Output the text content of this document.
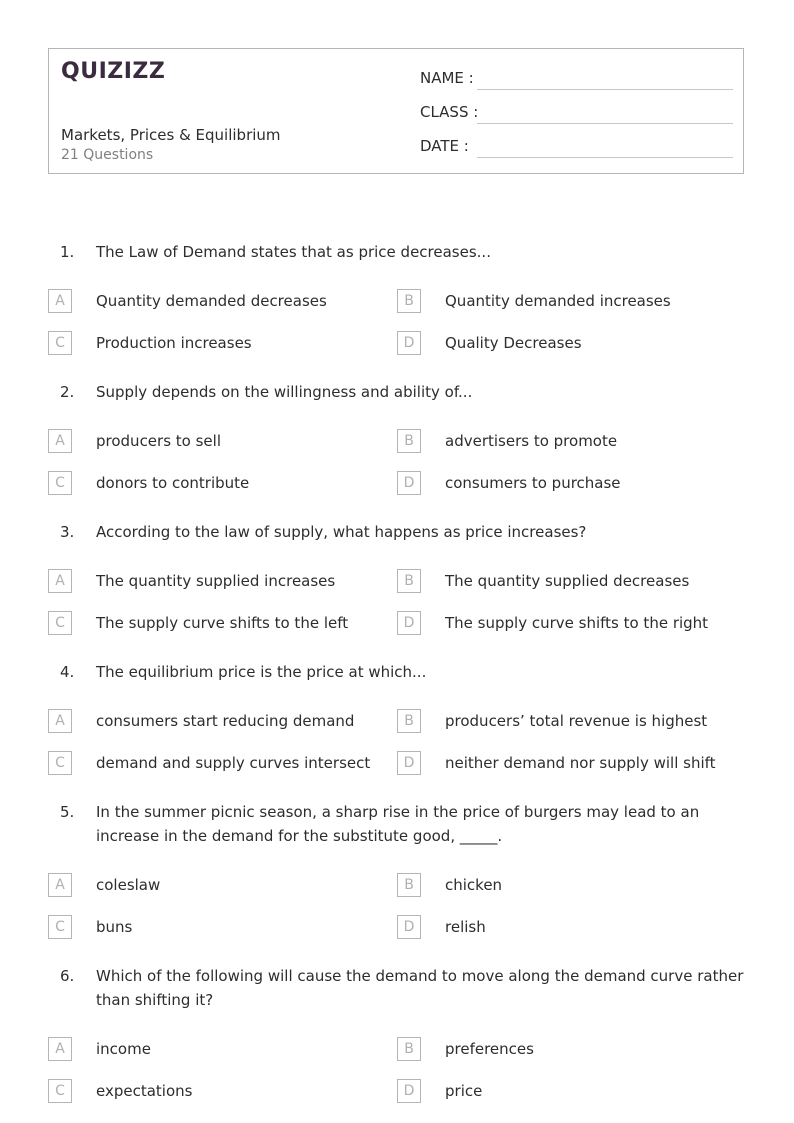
QUIZIZZ
Markets, Prices & Equilibrium
21 Questions
NAME :
CLASS :
DATE :
1. The Law of Demand states that as price decreases...
A	Quantity demanded decreases	B	Quantity demanded increases
C	Production increases	D	Quality Decreases
2. Supply depends on the willingness and ability of...
A	producers to sell	B	advertisers to promote
C	donors to contribute	D	consumers to purchase
3. According to the law of supply, what happens as price increases?
A	The quantity supplied increases	B	The quantity supplied decreases
C	The supply curve shifts to the left	D	The supply curve shifts to the right
4. The equilibrium price is the price at which...
A	consumers start reducing demand	B	producers’ total revenue is highest
C	demand and supply curves intersect	D	neither demand nor supply will shift
5. In the summer picnic season, a sharp rise in the price of burgers may lead to an increase in the demand for the substitute good, _____.
A	coleslaw	B	chicken
C	buns	D	relish
6. Which of the following will cause the demand to move along the demand curve rather than shifting it?
A	income	B	preferences
C	expectations	D	price
